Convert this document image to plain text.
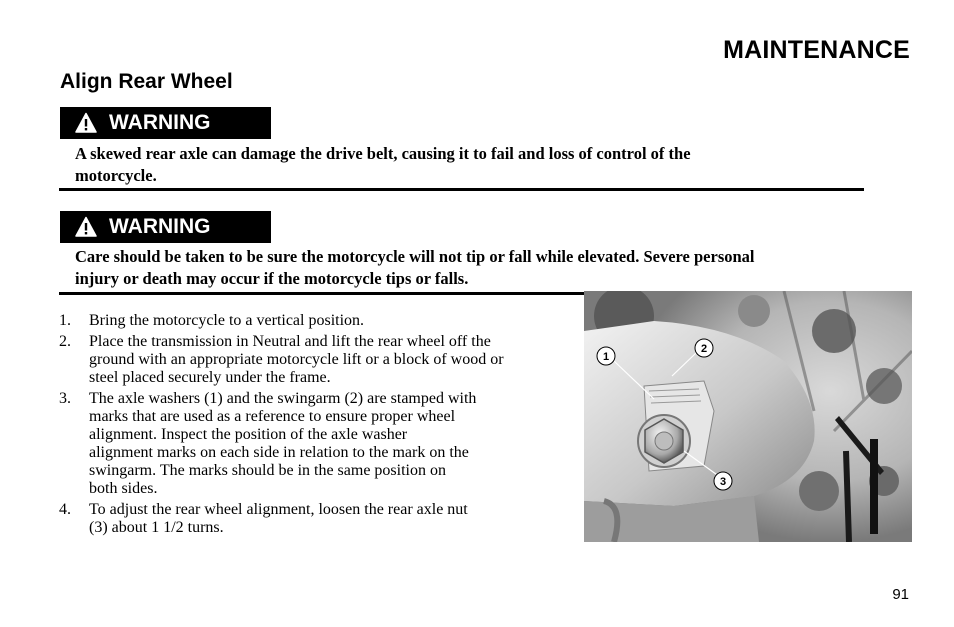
MAINTENANCE
Align Rear Wheel
WARNING
A skewed rear axle can damage the drive belt, causing it to fail and loss of control of the
motorcycle.
WARNING
Care should be taken to be sure the motorcycle will not tip or fall while elevated. Severe personal
injury or death may occur if the motorcycle tips or falls.
1. Bring the motorcycle to a vertical position.
2. Place the transmission in Neutral and lift the rear wheel off the
ground with an appropriate motorcycle lift or a block of wood or
steel placed securely under the frame.
3. The axle washers (1) and the swingarm (2) are stamped with
marks that are used as a reference to ensure proper wheel
alignment. Inspect the position of the axle washer
alignment marks on each side in relation to the mark on the
swingarm. The marks should be in the same position on
both sides.
4. To adjust the rear wheel alignment, loosen the rear axle nut
(3) about 1 1/2 turns.
1
2
3
91
